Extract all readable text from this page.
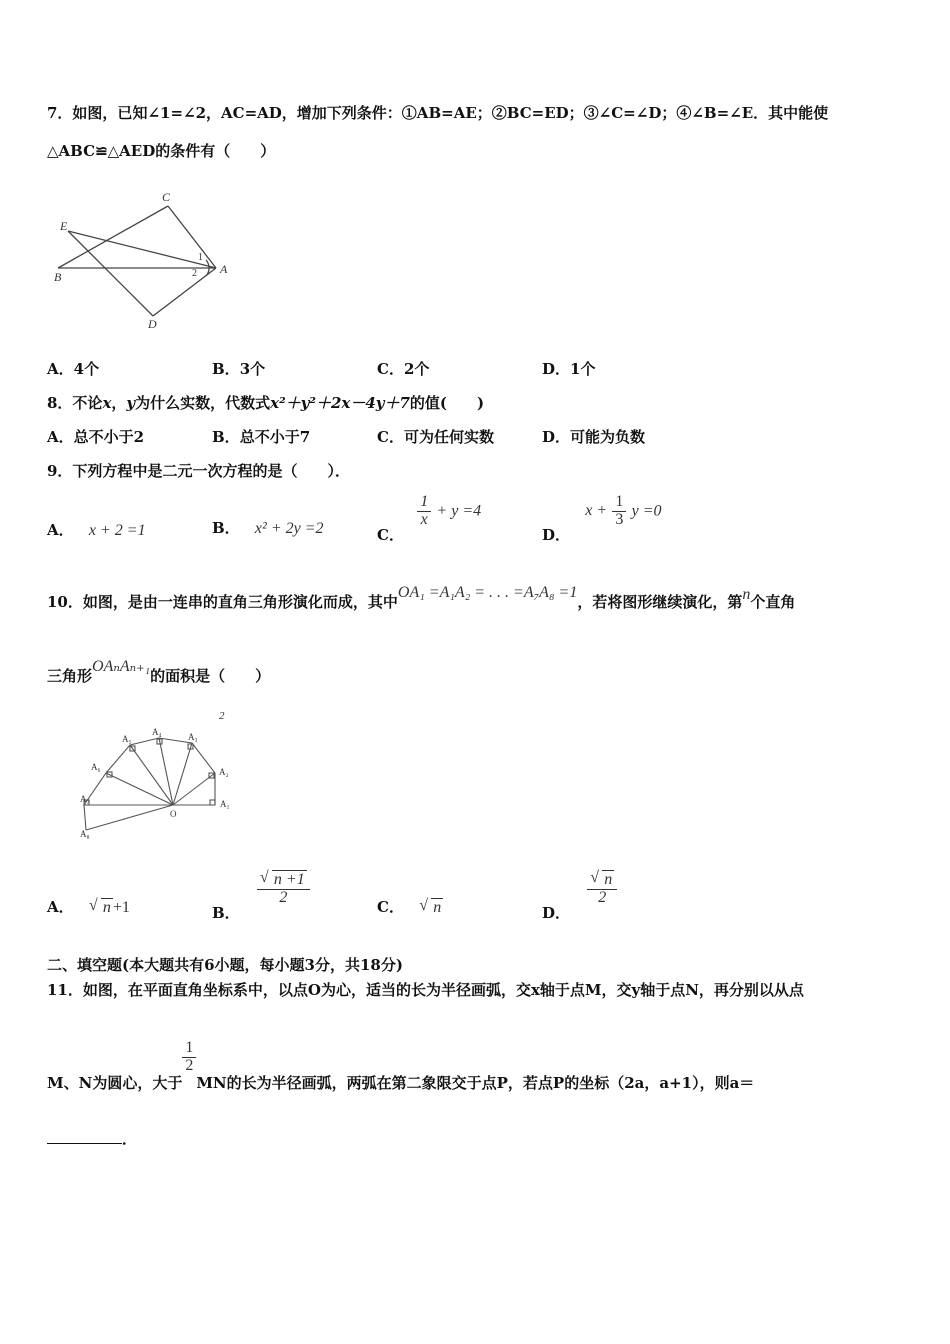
7．如图，已知∠1=∠2，AC=AD，增加下列条件：①AB=AE；②BC=ED；③∠C=∠D；④∠B=∠E．其中能使
△ABC≌△AED的条件有（　　）
C
E
B
A
D
1
2
A．4个	B．3个	C．2个	D．1个
8．不论x，y为什么实数，代数式x²＋y²＋2x－4y＋7的值(　　)
A．总不小于2	B．总不小于7	C．可为任何实数	D．可能为负数
9．下列方程中是二元一次方程的是（　　）．
A． x + 2 =1	B． x² + 2y =2	C．
$\frac{1}{x} + y =4$
D． $x + \frac{1}{3}$ y =0
10．如图，是由一连串的直角三角形演化而成，其中OA₁ =A₁A₂ = . . . =A₇A₈ =1，若将图形继续演化，第n个直角
三角形OAₙAₙ₊₁的面积是（　　）
2
A₁
A₂
A₃
A₄
A₅
A₆
A₇
A₈
O
A． √ n +1	B．
$\frac{√ n +1}{2}$
C． √ n	D．
$\frac{√ n}{2}$
二、填空题(本大题共有6小题，每小题3分，共18分)
11．如图，在平面直角坐标系中，以点O为心，适当的长为半径画弧，交x轴于点M，交y轴于点N，再分别以从点
M、N为圆心，大于
$\frac{1}{2}$
MN的长为半径画弧，两弧在第二象限交于点P，若点P的坐标（2a，a+1），则a＝
．
